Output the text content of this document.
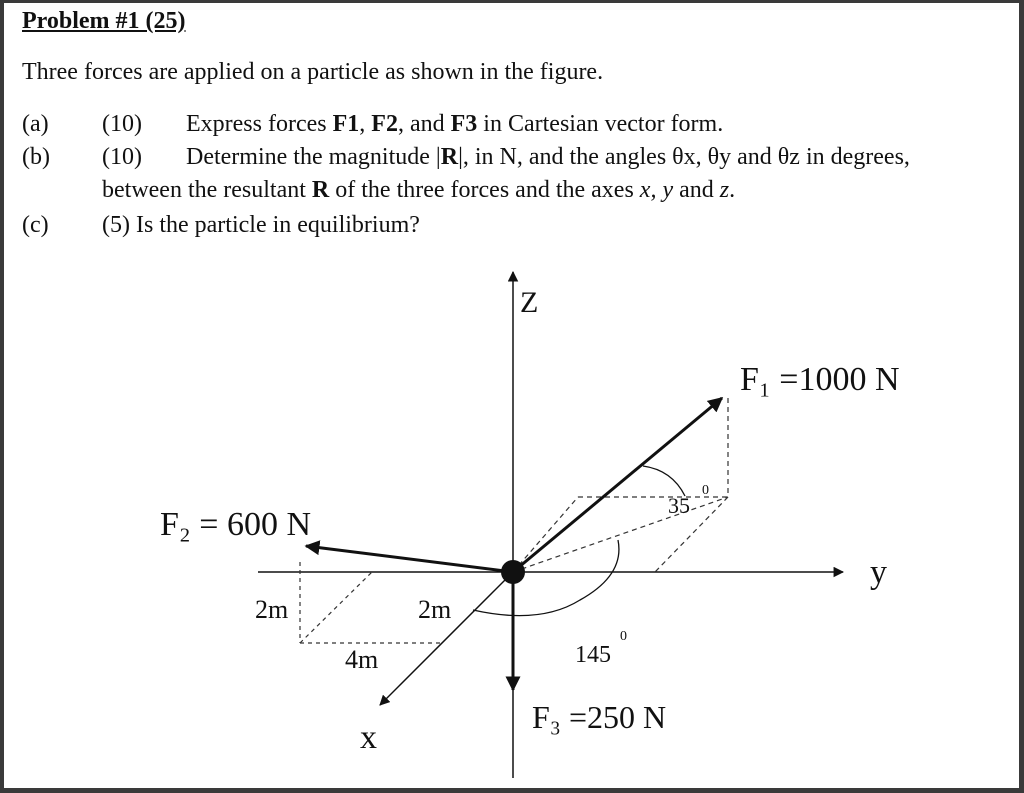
Problem #1 (25)
Three forces are applied on a particle as shown in the figure.
(a) (10) Express forces F1, F2, and F3 in Cartesian vector form.
(b) (10) Determine the magnitude |R|, in N, and the angles θx, θy and θz in degrees,
between the resultant R of the three forces and the axes x, y and z.
(c) (5) Is the particle in equilibrium?
Z
y
x
F₁ =1000 N
F₂ = 600 N
F₃ =250 N
35
0
145
0
2m	2m
4m
